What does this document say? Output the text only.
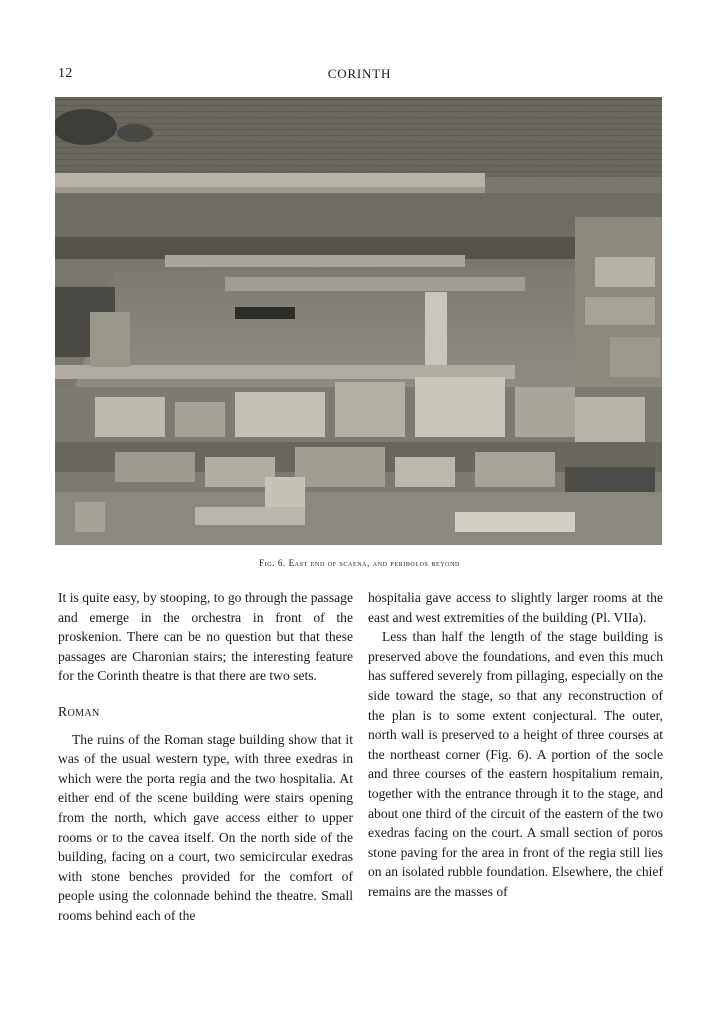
12	CORINTH
Fig. 6. East end of scaena, and peribolos beyond

It is quite easy, by stooping, to go through the passage and emerge in the orchestra in front of the proskenion. There can be no question but that these passages are Charonian stairs; the interesting feature for the Corinth theatre is that there are two sets.

Roman

The ruins of the Roman stage building show that it was of the usual western type, with three exedras in which were the porta regia and the two hospitalia. At either end of the scene building were stairs opening from the north, which gave access either to upper rooms or to the cavea itself. On the north side of the building, facing on a court, two semicircular exedras with stone benches provided for the comfort of people using the colonnade behind the theatre. Small rooms behind each of the

hospitalia gave access to slightly larger rooms at the east and west extremities of the building (Pl. VIIa).

Less than half the length of the stage building is preserved above the foundations, and even this much has suffered severely from pillaging, especially on the side toward the stage, so that any reconstruction of the plan is to some extent conjectural. The outer, north wall is preserved to a height of three courses at the northeast corner (Fig. 6). A portion of the socle and three courses of the eastern hospitalium remain, together with the entrance through it to the stage, and about one third of the circuit of the eastern of the two exedras facing on the court. A small section of poros stone paving for the area in front of the regia still lies on an isolated rubble foundation. Elsewhere, the chief remains are the masses of
